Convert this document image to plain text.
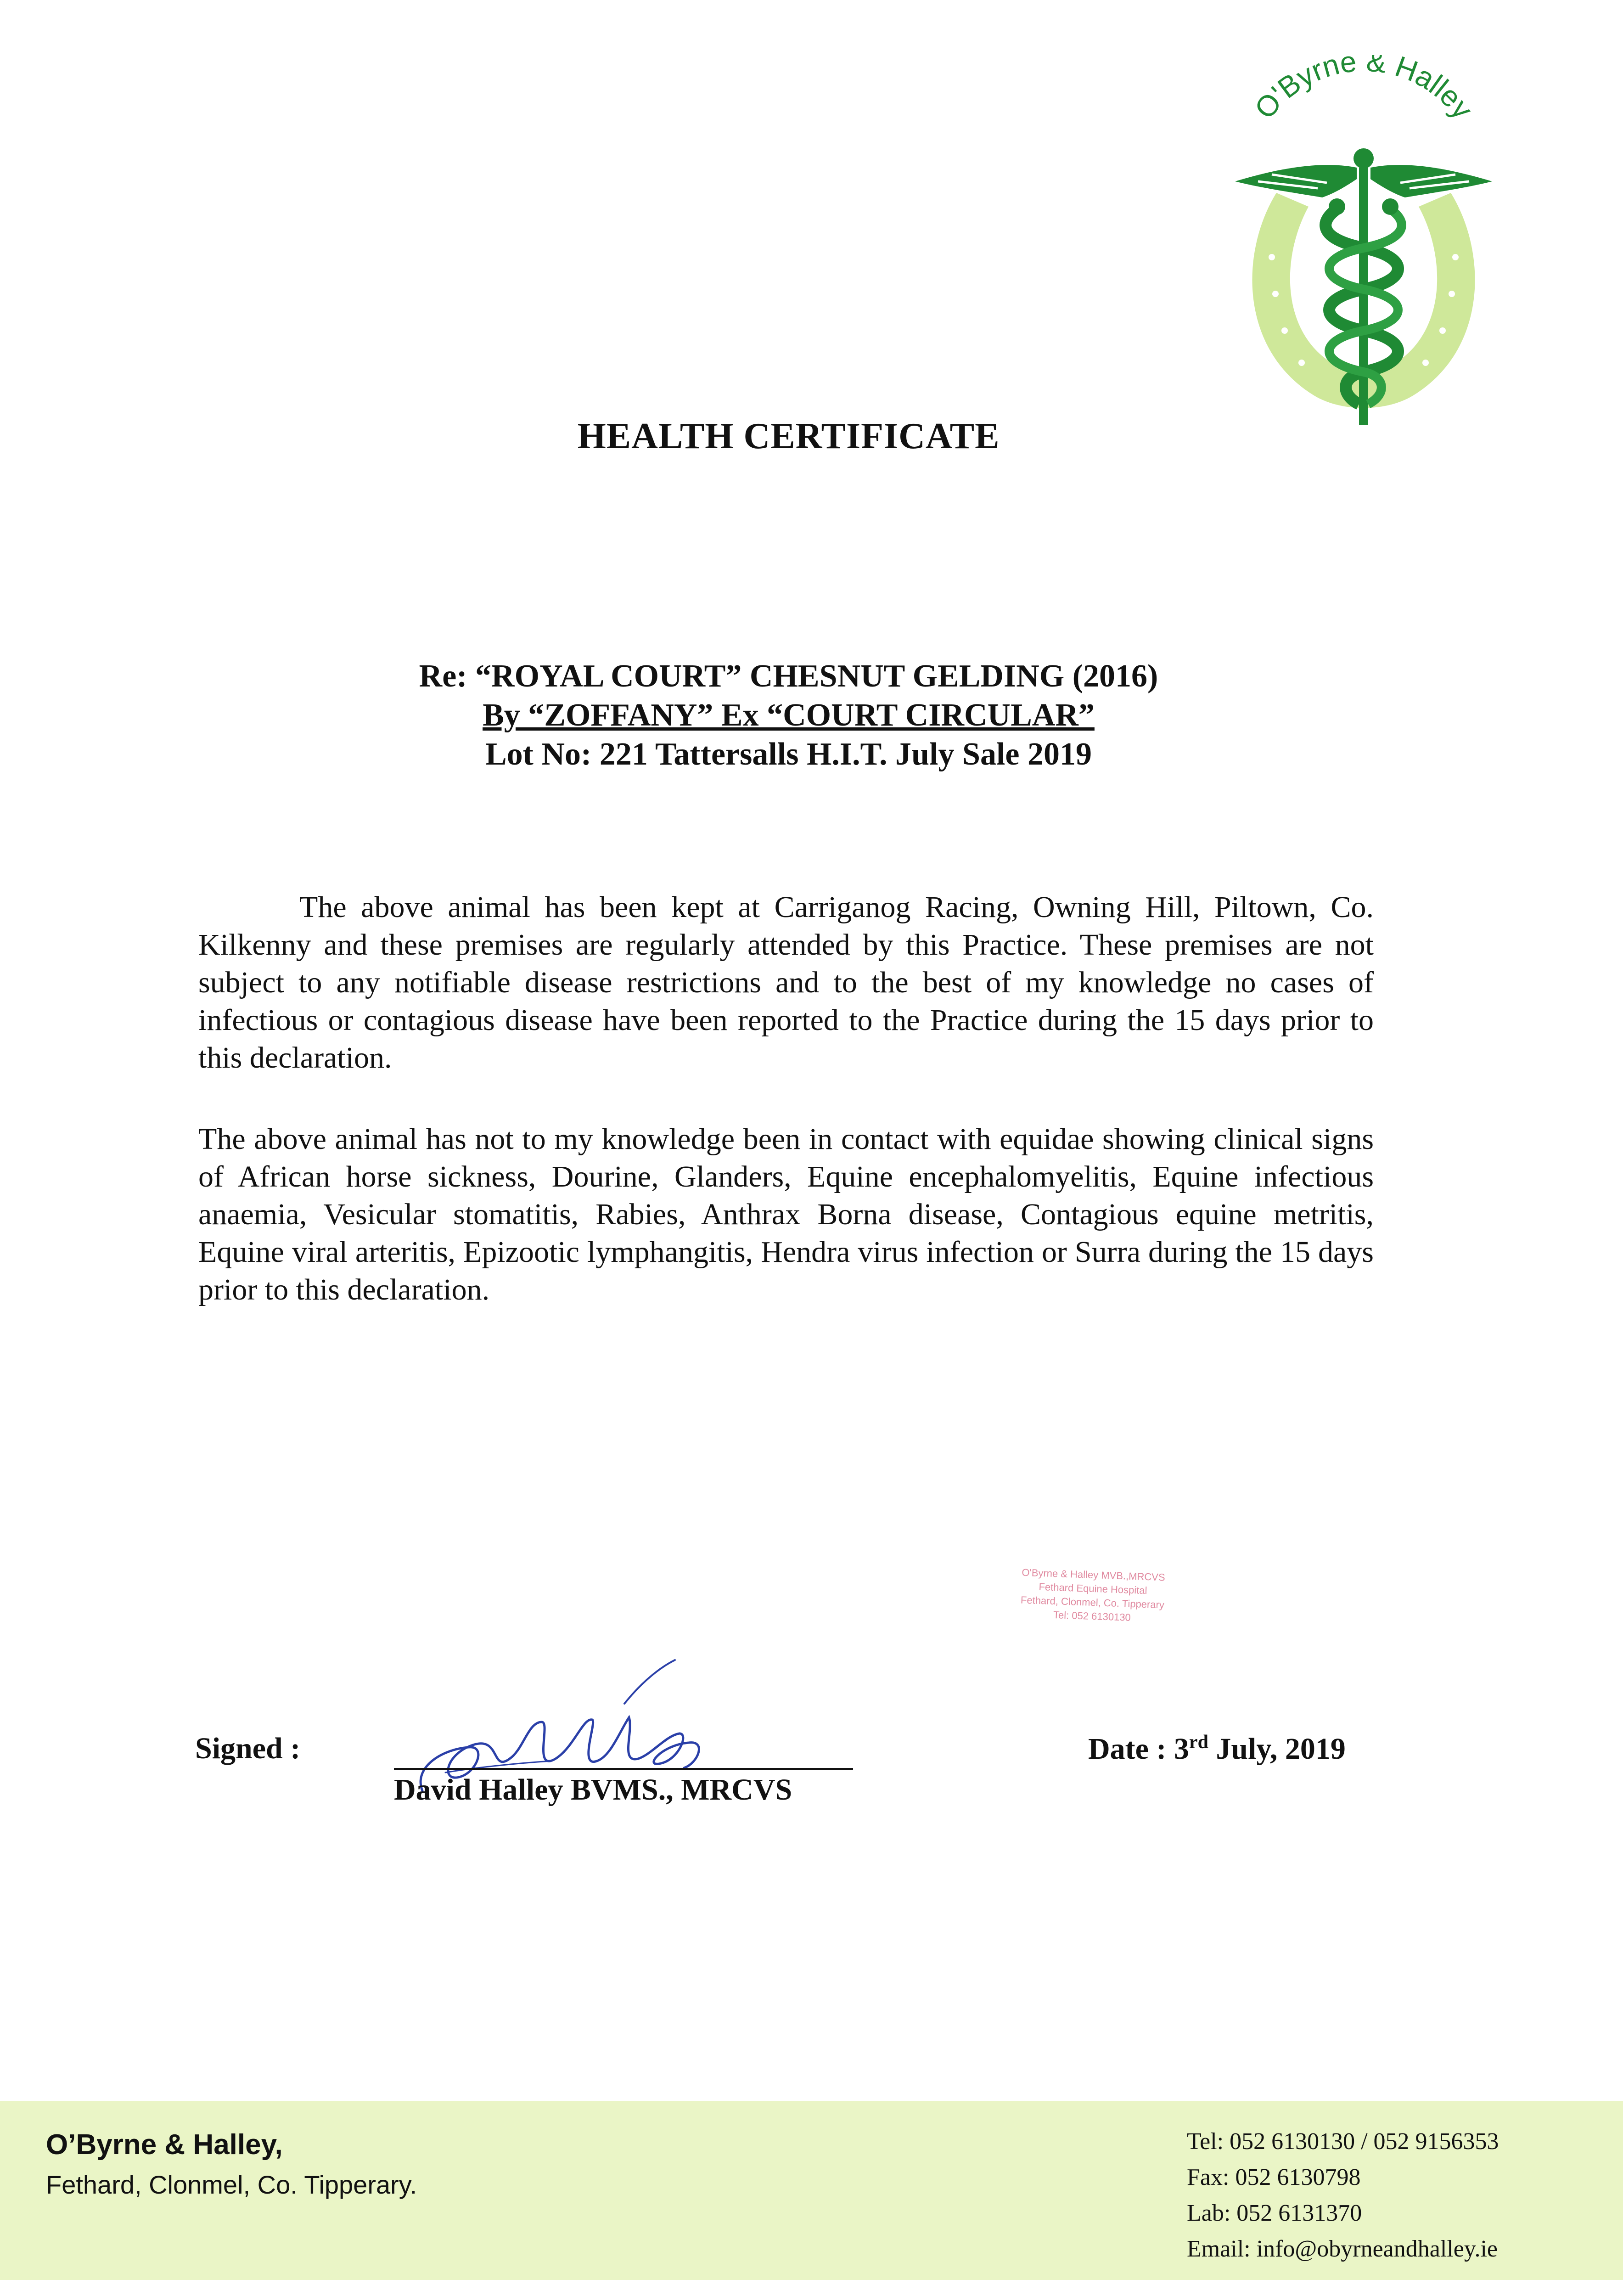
O'Byrne & Halley
HEALTH CERTIFICATE
Re: “ROYAL COURT” CHESNUT GELDING (2016)
By “ZOFFANY” Ex “COURT CIRCULAR”
Lot No: 221 Tattersalls H.I.T. July Sale 2019
The above animal has been kept at Carriganog Racing, Owning Hill, Piltown, Co. Kilkenny and these premises are regularly attended by this Practice. These premises are not subject to any notifiable disease restrictions and to the best of my knowledge no cases of infectious or contagious disease have been reported to the Practice during the 15 days prior to this declaration.
The above animal has not to my knowledge been in contact with equidae showing clinical signs of African horse sickness, Dourine, Glanders, Equine encephalomyelitis, Equine infectious anaemia, Vesicular stomatitis, Rabies, Anthrax Borna disease, Contagious equine metritis, Equine viral arteritis, Epizootic lymphangitis, Hendra virus infection or Surra during the 15 days prior to this declaration.
O'Byrne & Halley MVB.,MRCVS
Fethard Equine Hospital
Fethard, Clonmel, Co. Tipperary
Tel: 052 6130130
Signed :
David Halley BVMS., MRCVS
Date : 3rd July, 2019
O’Byrne & Halley,
Fethard, Clonmel, Co. Tipperary.
Tel: 052 6130130 / 052 9156353
Fax: 052 6130798
Lab: 052 6131370
Email: info@obyrneandhalley.ie
